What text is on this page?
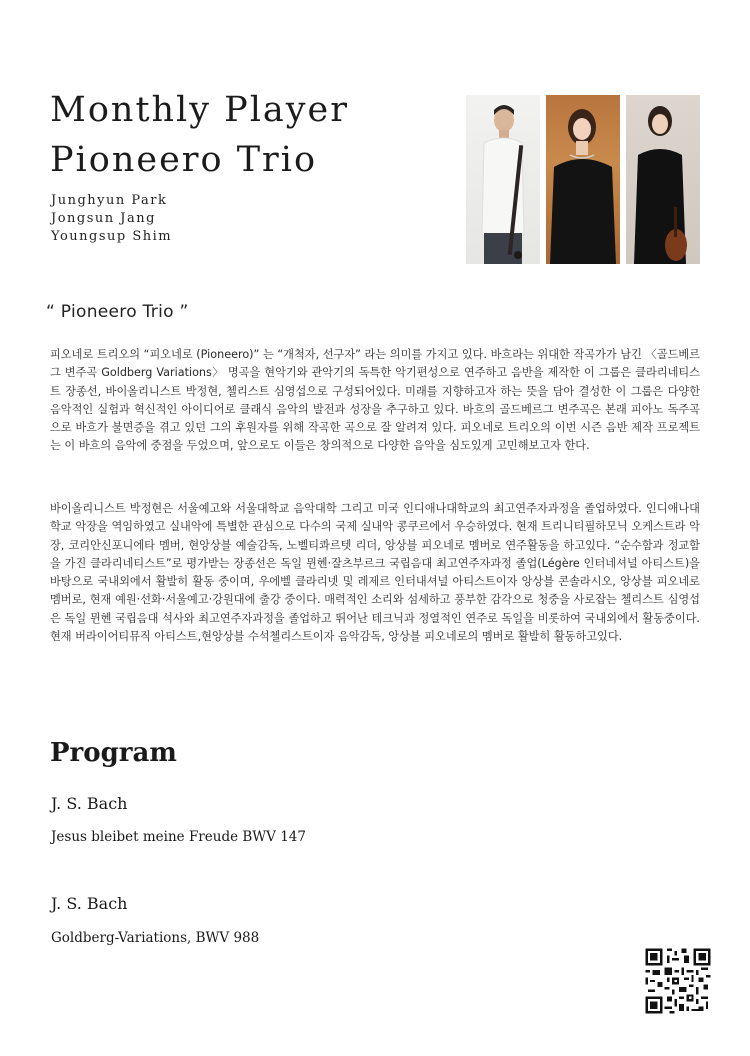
Monthly Player
Pioneero Trio
Junghyun Park
Jongsun Jang
Youngsup Shim
“ Pioneero Trio ”

피오네로 트리오의 “피오네로 (Pioneero)” 는 “개척자, 선구자” 라는 의미를 가지고 있다. 바흐라는 위대한 작곡가가 남긴 〈골드베르그 변주곡 Goldberg Variations〉 명곡을 현악기와 관악기의 독특한 악기편성으로 연주하고 음반을 제작한 이 그룹은 클라리네티스트 장종선, 바이올리니스트 박정현, 첼리스트 심영섭으로 구성되어있다. 미래를 지향하고자 하는 뜻을 담아 결성한 이 그룹은 다양한 음악적인 실험과 혁신적인 아이디어로 클래식 음악의 발전과 성장을 추구하고 있다. 바흐의 골드베르그 변주곡은 본래 피아노 독주곡으로 바흐가 불면증을 겪고 있던 그의 후원자를 위해 작곡한 곡으로 잘 알려져 있다. 피오네로 트리오의 이번 시즌 음반 제작 프로젝트는 이 바흐의 음악에 중점을 두었으며, 앞으로도 이들은 창의적으로 다양한 음악을 심도있게 고민해보고자 한다.

바이올리니스트 박정현은 서울예고와 서울대학교 음악대학 그리고 미국 인디애나대학교의 최고연주자과정을 졸업하였다. 인디애나대학교 악장을 역임하였고 실내악에 특별한 관심으로 다수의 국제 실내악 콩쿠르에서 우승하였다. 현재 트리니티필하모닉 오케스트라 악장, 코리안신포니에타 멤버, 현앙상블 예술감독, 노벨티콰르텟 리더, 앙상블 피오네로 멤버로 연주활동을 하고있다. “순수함과 정교함을 가진 클라리네티스트”로 평가받는 장종선은 독일 뮌헨·잘츠부르크 국립음대 최고연주자과정 졸업(Légère 인터네셔널 아티스트)을 바탕으로 국내외에서 활발히 활동 중이며, 우에벨 클라리넷 및 레제르 인터내셔널 아티스트이자 앙상블 콘솔라시오, 앙상블 피오네로멤버로, 현재 예원·선화·서울예고·강원대에 출강 중이다. 매력적인 소리와 섬세하고 풍부한 감각으로 청중을 사로잡는 첼리스트 심영섭은 독일 뮌헨 국립음대 석사와 최고연주자과정을 졸업하고 뛰어난 테크닉과 정열적인 연주로 독일을 비롯하여 국내외에서 활동중이다. 현재 버라이어티뮤직 아티스트,현앙상블 수석첼리스트이자 음악감독, 앙상블 피오네로의 멤버로 활발히 활동하고있다.

Program
J. S. Bach
Jesus bleibet meine Freude BWV 147
J. S. Bach
Goldberg-Variations, BWV 988
